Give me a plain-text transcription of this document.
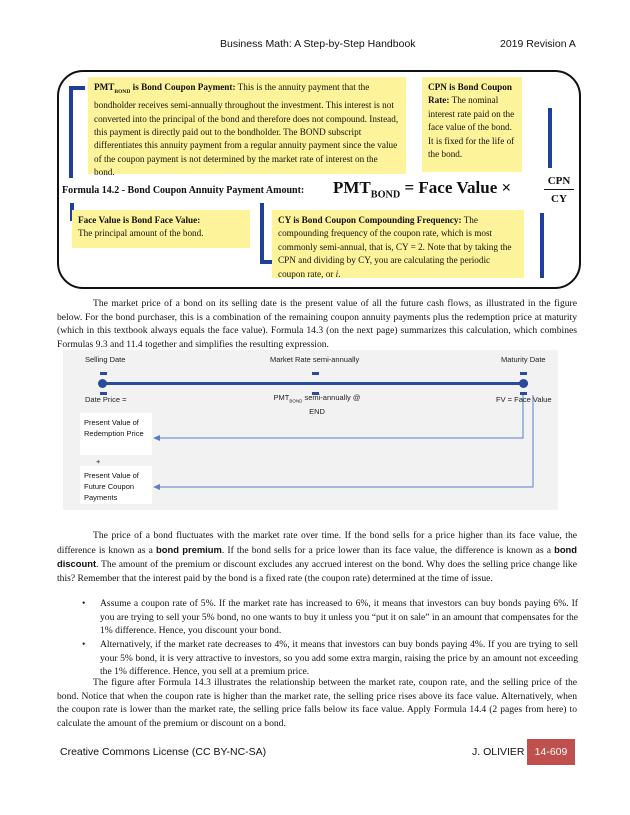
Business Math: A Step-by-Step Handbook	2019 Revision A
$PMT_{BOND}$ is Bond Coupon Payment: This is the annuity payment that the bondholder receives semi-annually throughout the investment. This interest is not converted into the principal of the bond and therefore does not compound. Instead, this payment is directly paid out to the bondholder. The BOND subscript differentiates this annuity payment from a regular annuity payment since the value of the coupon payment is not determined by the market rate of interest on the bond.
CPN is Bond Coupon Rate: The nominal interest rate paid on the face value of the bond. It is fixed for the life of the bond.
Formula 14.2 - Bond Coupon Annuity Payment Amount: $PMT_{BOND}$ = Face Value ×	CPN
CY
Face Value is Bond Face Value:
The principal amount of the bond.
CY is Bond Coupon Compounding Frequency: The compounding frequency of the coupon rate, which is most commonly semi-annual, that is, CY = 2. Note that by taking the CPN and dividing by CY, you are calculating the periodic coupon rate, or i.
The market price of a bond on its selling date is the present value of all the future cash flows, as illustrated in the figure below. For the bond purchaser, this is a combination of the remaining coupon annuity payments plus the redemption price at maturity (which in this textbook always equals the face value). Formula 14.3 (on the next page) summarizes this calculation, which combines Formulas 9.3 and 11.4 together and simplifies the resulting expression.
Selling Date	Market Rate semi-annually	Maturity Date
Date Price =	$PMT_{BOND}$ semi-annually @
END
FV = Face Value
Present Value of Redemption Price
+
Present Value of Future Coupon Payments
The price of a bond fluctuates with the market rate over time. If the bond sells for a price higher than its face value, the difference is known as a bond premium. If the bond sells for a price lower than its face value, the difference is known as a bond discount. The amount of the premium or discount excludes any accrued interest on the bond. Why does the selling price change like this? Remember that the interest paid by the bond is a fixed rate (the coupon rate) determined at the time of issue.
• Assume a coupon rate of 5%. If the market rate has increased to 6%, it means that investors can buy bonds paying 6%. If you are trying to sell your 5% bond, no one wants to buy it unless you “put it on sale” in an amount that compensates for the 1% difference. Hence, you discount your bond.
• Alternatively, if the market rate decreases to 4%, it means that investors can buy bonds paying 4%. If you are trying to sell your 5% bond, it is very attractive to investors, so you add some extra margin, raising the price by an amount not exceeding the 1% difference. Hence, you sell at a premium price.
The figure after Formula 14.3 illustrates the relationship between the market rate, coupon rate, and the selling price of the bond. Notice that when the coupon rate is higher than the market rate, the selling price rises above its face value. Alternatively, when the coupon rate is lower than the market rate, the selling price falls below its face value. Apply Formula 14.4 (2 pages from here) to calculate the amount of the premium or discount on a bond.
Creative Commons License (CC BY-NC-SA)	J. OLIVIER 14-609
